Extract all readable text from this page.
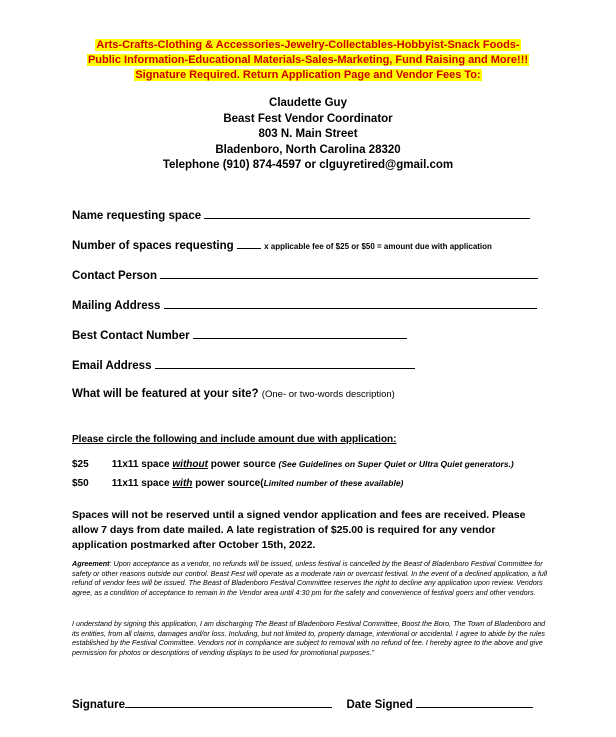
Arts-Crafts-Clothing & Accessories-Jewelry-Collectables-Hobbyist-Snack Foods-
Public Information-Educational Materials-Sales-Marketing, Fund Raising and More!!!
Signature Required. Return Application Page and Vendor Fees To:
Claudette Guy
Beast Fest Vendor Coordinator
803 N. Main Street
Bladenboro, North Carolina 28320
Telephone (910) 874-4597 or clguyretired@gmail.com
Name requesting space
Number of spaces requesting	x applicable fee of $25 or $50 = amount due with application
Contact Person
Mailing Address
Best Contact Number
Email Address
What will be featured at your site? (One- or two-words description)
Please circle the following and include amount due with application:
$25 11x11 space without power source (See Guidelines on Super Quiet or Ultra Quiet generators.)
$50 11x11 space with power source(Limited number of these available)
Spaces will not be reserved until a signed vendor application and fees are received. Please allow 7 days from date mailed. A late registration of $25.00 is required for any vendor application postmarked after October 15th, 2022.
Agreement: Upon acceptance as a vendor, no refunds will be issued, unless festival is cancelled by the Beast of Bladenboro Festival Committee for safety or other reasons outside our control. Beast Fest will operate as a moderate rain or overcast festival. In the event of a declined application, a full refund of vendor fees will be issued. The Beast of Bladenboro Festival Committee reserves the right to decline any application upon review. Vendors agree, as a condition of acceptance to remain in the Vendor area until 4:30 pm for the safety and convenience of festival goers and other vendors.
I understand by signing this application, I am discharging The Beast of Bladenboro Festival Committee, Boost the Boro, The Town of Bladenboro and its entities, from all claims, damages and/or loss. Including, but not limited to, property damage, intentional or accidental. I agree to abide by the rules established by the Festival Committee. Vendors not in compliance are subject to removal with no refund of fee. I hereby agree to the above and give permission for photos or descriptions of vending displays to be used for promotional purposes."
Signature	Date Signed
